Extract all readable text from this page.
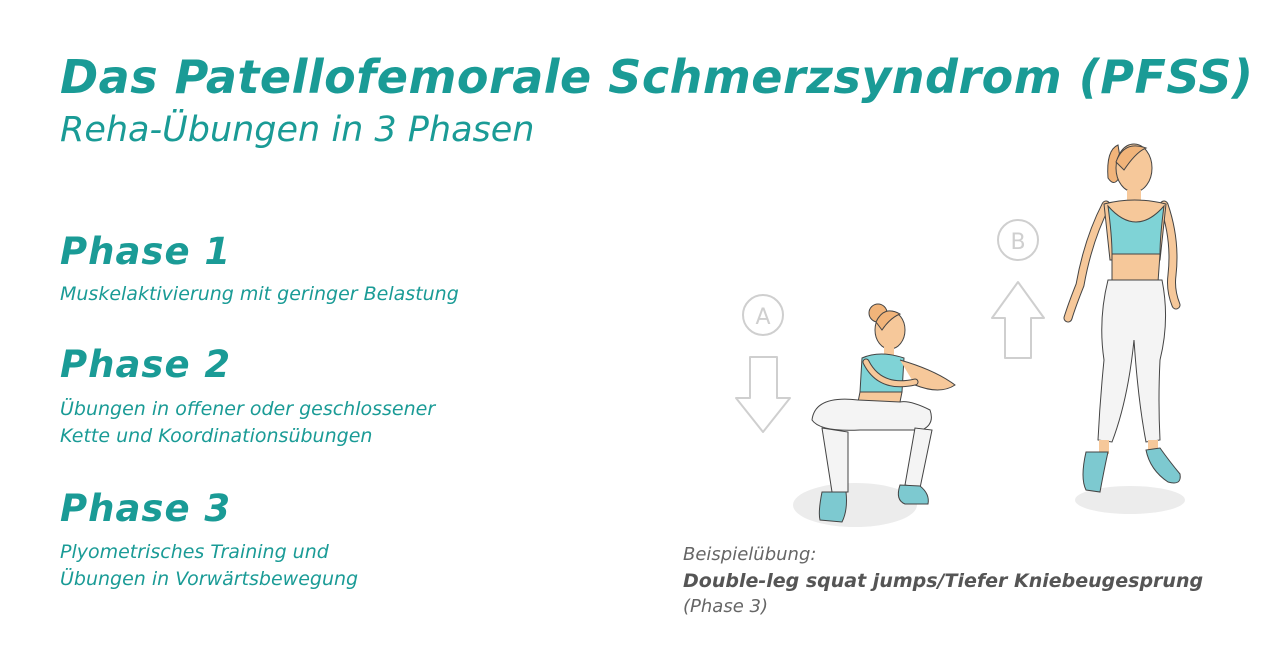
Das Patellofemorale Schmerzsyndrom (PFSS)
Reha-Übungen in 3 Phasen
Phase 1
Muskelaktivierung mit geringer Belastung
Phase 2
Übungen in offener oder geschlossener
Kette und Koordinationsübungen
Phase 3
Plyometrisches Training und
Übungen in Vorwärtsbewegung
A
B
Beispielübung:
Double-leg squat jumps/Tiefer Kniebeugesprung
(Phase 3)
